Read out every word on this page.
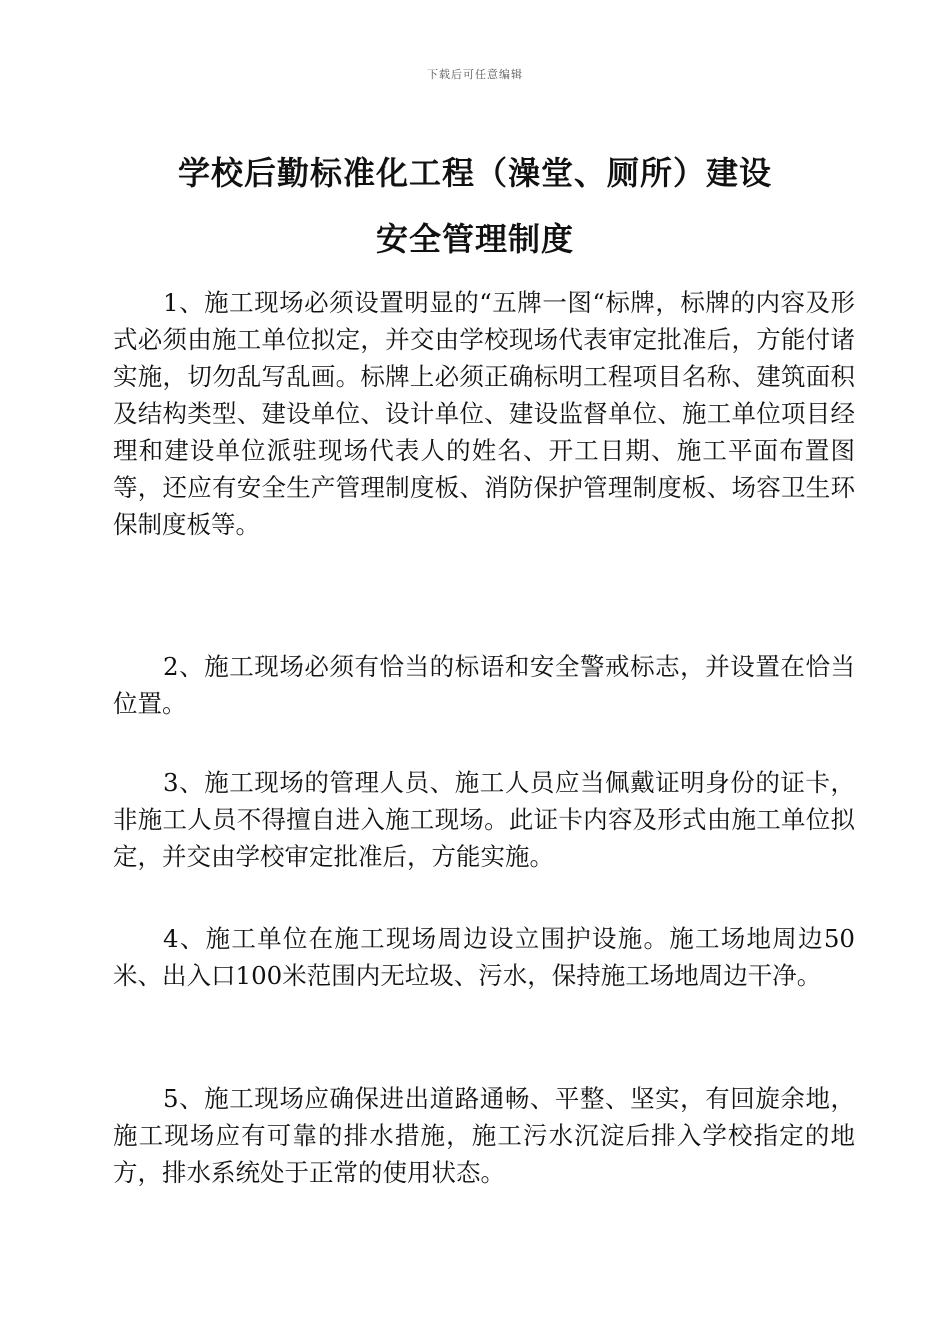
下载后可任意编辑
学校后勤标准化工程（澡堂、厕所）建设
安全管理制度

1、施工现场必须设置明显的“五牌一图“标牌，标牌的内容及形式必须由施工单位拟定，并交由学校现场代表审定批准后，方能付诸实施，切勿乱写乱画。标牌上必须正确标明工程项目名称、建筑面积及结构类型、建设单位、设计单位、建设监督单位、施工单位项目经理和建设单位派驻现场代表人的姓名、开工日期、施工平面布置图等，还应有安全生产管理制度板、消防保护管理制度板、场容卫生环保制度板等。

2、施工现场必须有恰当的标语和安全警戒标志，并设置在恰当位置。

3、施工现场的管理人员、施工人员应当佩戴证明身份的证卡，非施工人员不得擅自进入施工现场。此证卡内容及形式由施工单位拟定，并交由学校审定批准后，方能实施。

4、施工单位在施工现场周边设立围护设施。施工场地周边50米、出入口100米范围内无垃圾、污水，保持施工场地周边干净。

5、施工现场应确保进出道路通畅、平整、坚实，有回旋余地，施工现场应有可靠的排水措施，施工污水沉淀后排入学校指定的地方，排水系统处于正常的使用状态。
